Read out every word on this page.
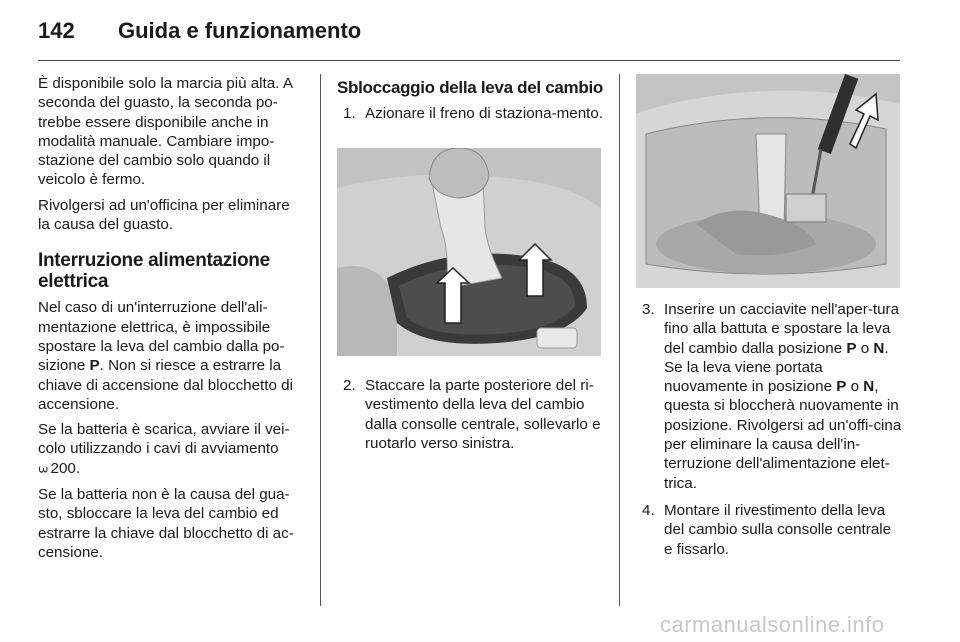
142 Guida e funzionamento

È disponibile solo la marcia più alta. A seconda del guasto, la seconda po-trebbe essere disponibile anche in modalità manuale. Cambiare impo-stazione del cambio solo quando il veicolo è fermo.

Rivolgersi ad un'officina per eliminare la causa del guasto.

Interruzione alimentazione elettrica

Nel caso di un'interruzione dell'ali-mentazione elettrica, è impossibile spostare la leva del cambio dalla po-sizione P. Non si riesce a estrarre la chiave di accensione dal blocchetto di accensione.

Se la batteria è scarica, avviare il vei-colo utilizzando i cavi di avviamento
3 200.

Se la batteria non è la causa del gua-sto, sbloccare la leva del cambio ed estrarre la chiave dal blocchetto di ac-censione.

Sbloccaggio della leva del cambio
1. Azionare il freno di staziona-mento.
2. Staccare la parte posteriore del ri-vestimento della leva del cambio dalla consolle centrale, sollevarlo e ruotarlo verso sinistra.
3. Inserire un cacciavite nell'aper-tura fino alla battuta e spostare la leva del cambio dalla posizione P o N. Se la leva viene portata nuovamente in posizione P o N, questa si bloccherà nuovamente in posizione. Rivolgersi ad un'offi-cina per eliminare la causa dell'in-terruzione dell'alimentazione elet-trica.
4. Montare il rivestimento della leva del cambio sulla consolle centrale e fissarlo.
carmanualsonline.info
